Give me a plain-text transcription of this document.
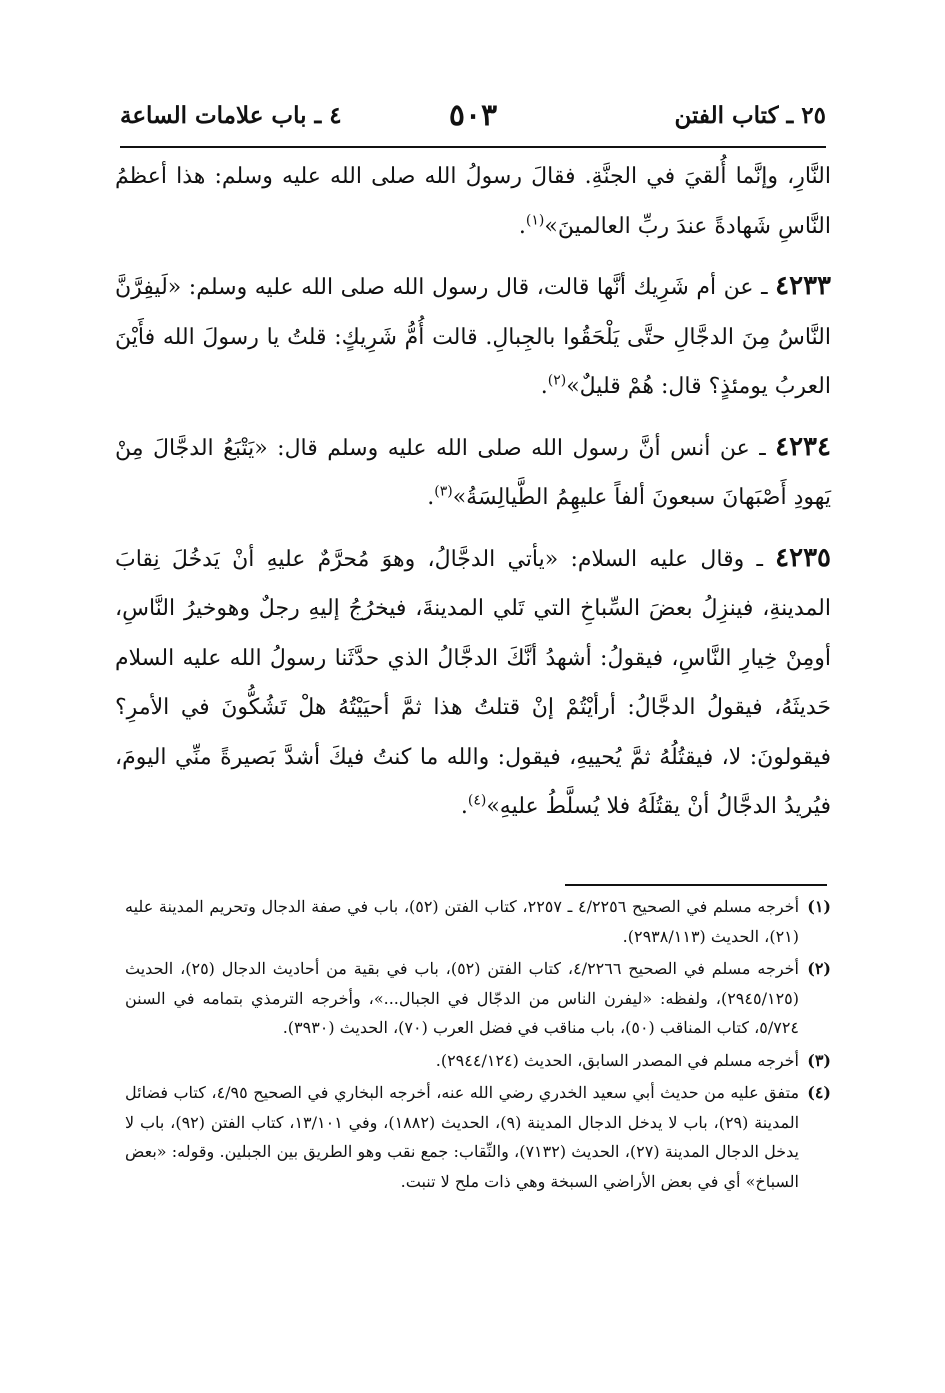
٢٥ ـ كتاب الفتن
٥٠٣
٤ ـ باب علامات الساعة

النَّارِ، وإنَّما أُلقيَ في الجنَّةِ. فقالَ رسولُ الله صلى الله عليه وسلم: هذا أعظمُ النَّاسِ شَهادةً عندَ ربِّ العالمينَ»$^{(١)}$.

٤٢٣٣ ـ عن أم شَرِيك أنَّها قالت، قال رسول الله صلى الله عليه وسلم: «لَيفِرَّنَّ النَّاسُ مِنَ الدجَّالِ حتَّى يَلْحَقُوا بالجِبالِ. قالت أُمُّ شَرِيكٍ: قلتُ يا رسولَ الله فأَيْنَ العربُ يومئذٍ؟ قال: هُمْ قليلٌ»$^{(٢)}$.

٤٢٣٤ ـ عن أنس أنَّ رسول الله صلى الله عليه وسلم قال: «يَتْبَعُ الدجَّالَ مِنْ يَهودِ أَصْبَهانَ سبعونَ ألفاً عليهِمُ الطَّيالِسَةُ»$^{(٣)}$.

٤٢٣٥ ـ وقال عليه السلام: «يأتي الدجَّالُ، وهوَ مُحرَّمٌ عليهِ أنْ يَدخُلَ نِقابَ المدينةِ، فينزِلُ بعضَ السِّباخِ التي تَلي المدينةَ، فيخرُجُ إليهِ رجلٌ وهوخيرُ النَّاسِ، أومِنْ خِيارِ النَّاسِ، فيقولُ: أشهدُ أنَّكَ الدجَّالُ الذي حدَّثَنا رسولُ الله عليه السلام حَديثَهُ، فيقولُ الدجَّالُ: أرأيْتُمْ إنْ قتلتُ هذا ثمَّ أحيَيْتُهُ هلْ تَشُكُّونَ في الأمرِ؟ فيقولونَ: لا، فيقتُلُهُ ثمَّ يُحييهِ، فيقول: والله ما كنتُ فيكَ أشدَّ بَصيرةً منِّي اليومَ، فيُريدُ الدجَّالُ أنْ يقتُلَهُ فلا يُسلَّطُ عليهِ»$^{(٤)}$.

(١)
أخرجه مسلم في الصحيح ٤/٢٢٥٦ ـ ٢٢٥٧، كتاب الفتن (٥٢)، باب في صفة الدجال وتحريم المدينة عليه (٢١)، الحديث (٢٩٣٨/١١٣).

(٢)
أخرجه مسلم في الصحيح ٤/٢٢٦٦، كتاب الفتن (٥٢)، باب في بقية من أحاديث الدجال (٢٥)، الحديث (٢٩٤٥/١٢٥)، ولفظه: «ليفرن الناس من الدجّال في الجبال...»، وأخرجه الترمذي بتمامه في السنن ٥/٧٢٤، كتاب المناقب (٥٠)، باب مناقب في فضل العرب (٧٠)، الحديث (٣٩٣٠).

(٣)
أخرجه مسلم في المصدر السابق، الحديث (٢٩٤٤/١٢٤).

(٤)
متفق عليه من حديث أبي سعيد الخدري رضي الله عنه، أخرجه البخاري في الصحيح ٤/٩٥، كتاب فضائل المدينة (٢٩)، باب لا يدخل الدجال المدينة (٩)، الحديث (١٨٨٢)، وفي ١٣/١٠١، كتاب الفتن (٩٢)، باب لا يدخل الدجال المدينة (٢٧)، الحديث (٧١٣٢)، والنِّقاب: جمع نقب وهو الطريق بين الجبلين. وقوله: «بعض السباخ» أي في بعض الأراضي السبخة وهي ذات ملح لا تنبت.
